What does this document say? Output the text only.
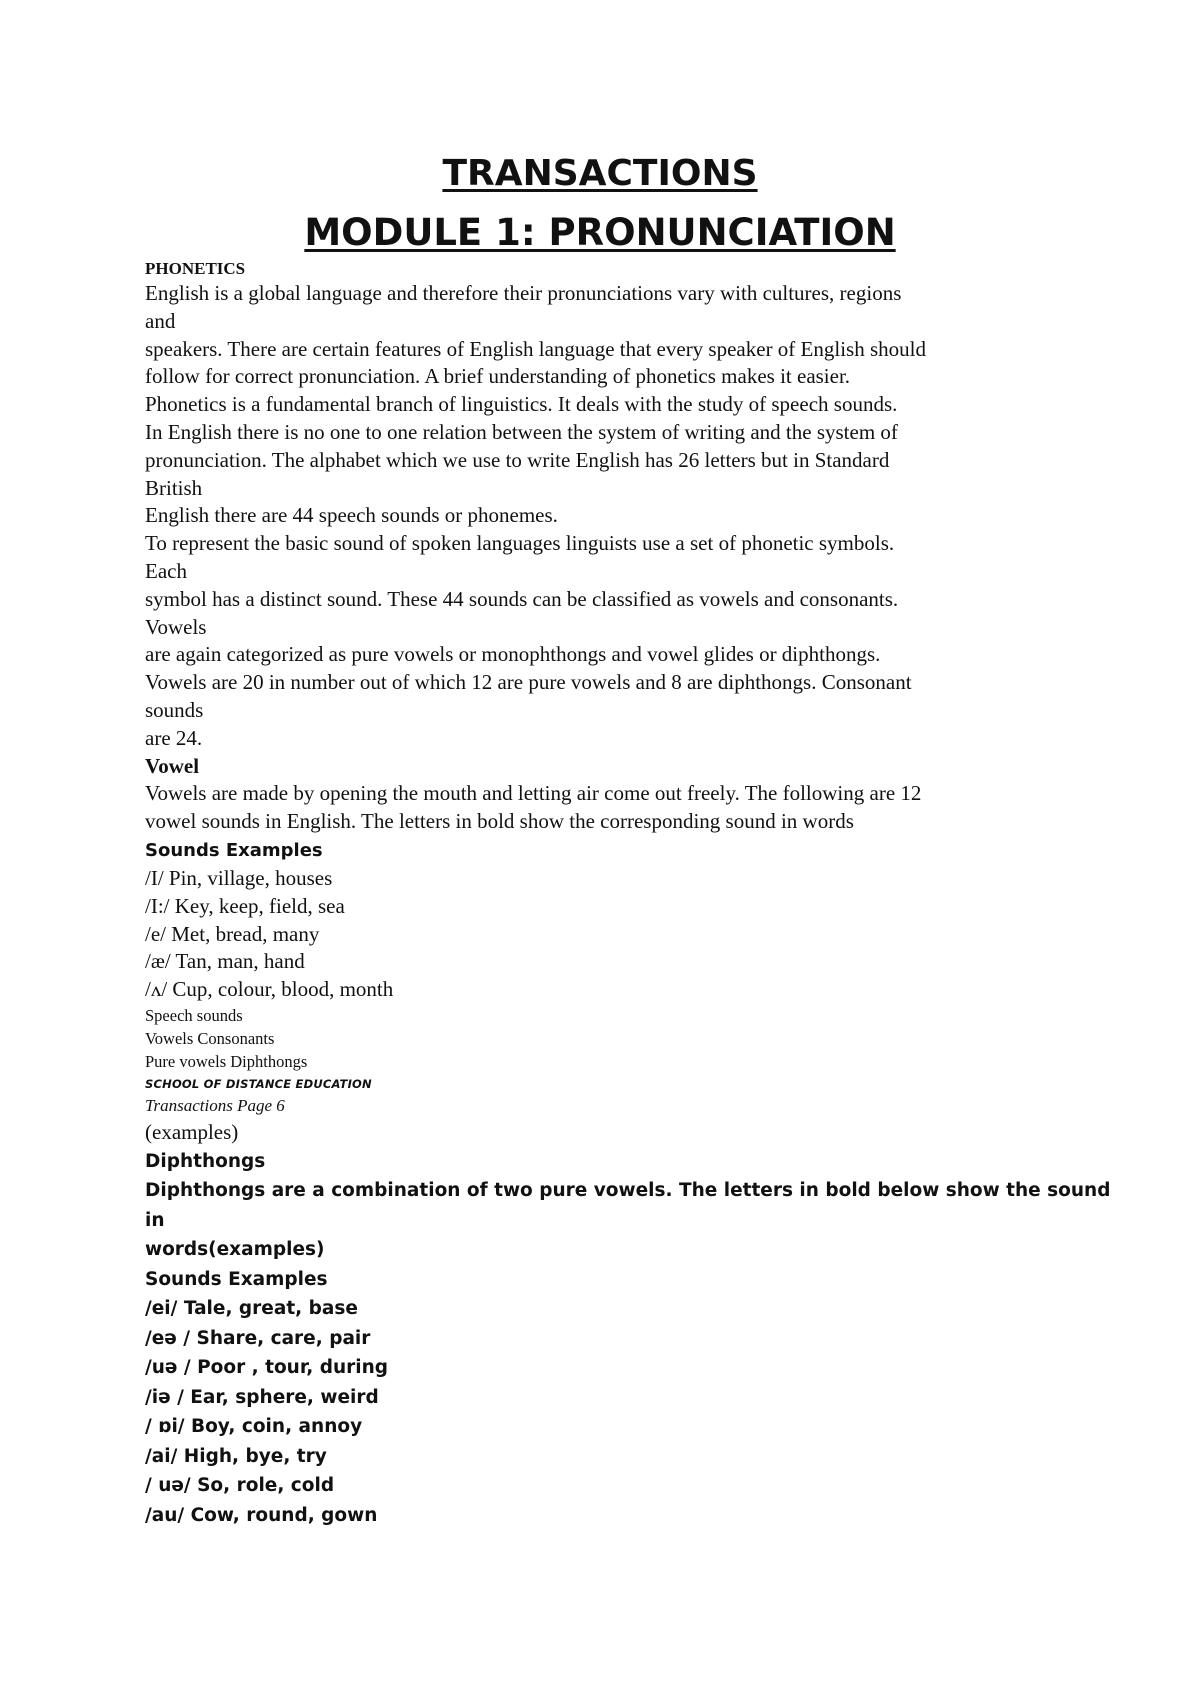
TRANSACTIONS
MODULE 1: PRONUNCIATION

PHONETICS

English is a global language and therefore their pronunciations vary with cultures, regions

and

speakers. There are certain features of English language that every speaker of English should

follow for correct pronunciation. A brief understanding of phonetics makes it easier.

Phonetics is a fundamental branch of linguistics. It deals with the study of speech sounds.

In English there is no one to one relation between the system of writing and the system of

pronunciation. The alphabet which we use to write English has 26 letters but in Standard

British

English there are 44 speech sounds or phonemes.

To represent the basic sound of spoken languages linguists use a set of phonetic symbols.

Each

symbol has a distinct sound. These 44 sounds can be classified as vowels and consonants.

Vowels

are again categorized as pure vowels or monophthongs and vowel glides or diphthongs.

Vowels are 20 in number out of which 12 are pure vowels and 8 are diphthongs. Consonant

sounds

are 24.

Vowel

Vowels are made by opening the mouth and letting air come out freely. The following are 12

vowel sounds in English. The letters in bold show the corresponding sound in words

Sounds Examples

/I/ Pin, village, houses

/I:/ Key, keep, field, sea

/e/ Met, bread, many

/æ/ Tan, man, hand

/ʌ/ Cup, colour, blood, month

Speech sounds

Vowels Consonants

Pure vowels Diphthongs

SCHOOL OF DISTANCE EDUCATION

Transactions Page 6

(examples)

Diphthongs

Diphthongs are a combination of two pure vowels. The letters in bold below show the sound

in

words(examples)

Sounds Examples

/ei/ Tale, great, base

/eə / Share, care, pair

/uə / Poor , tour, during

/iə / Ear, sphere, weird

/ ɒi/ Boy, coin, annoy

/ai/ High, bye, try

/ uə/ So, role, cold

/au/ Cow, round, gown
